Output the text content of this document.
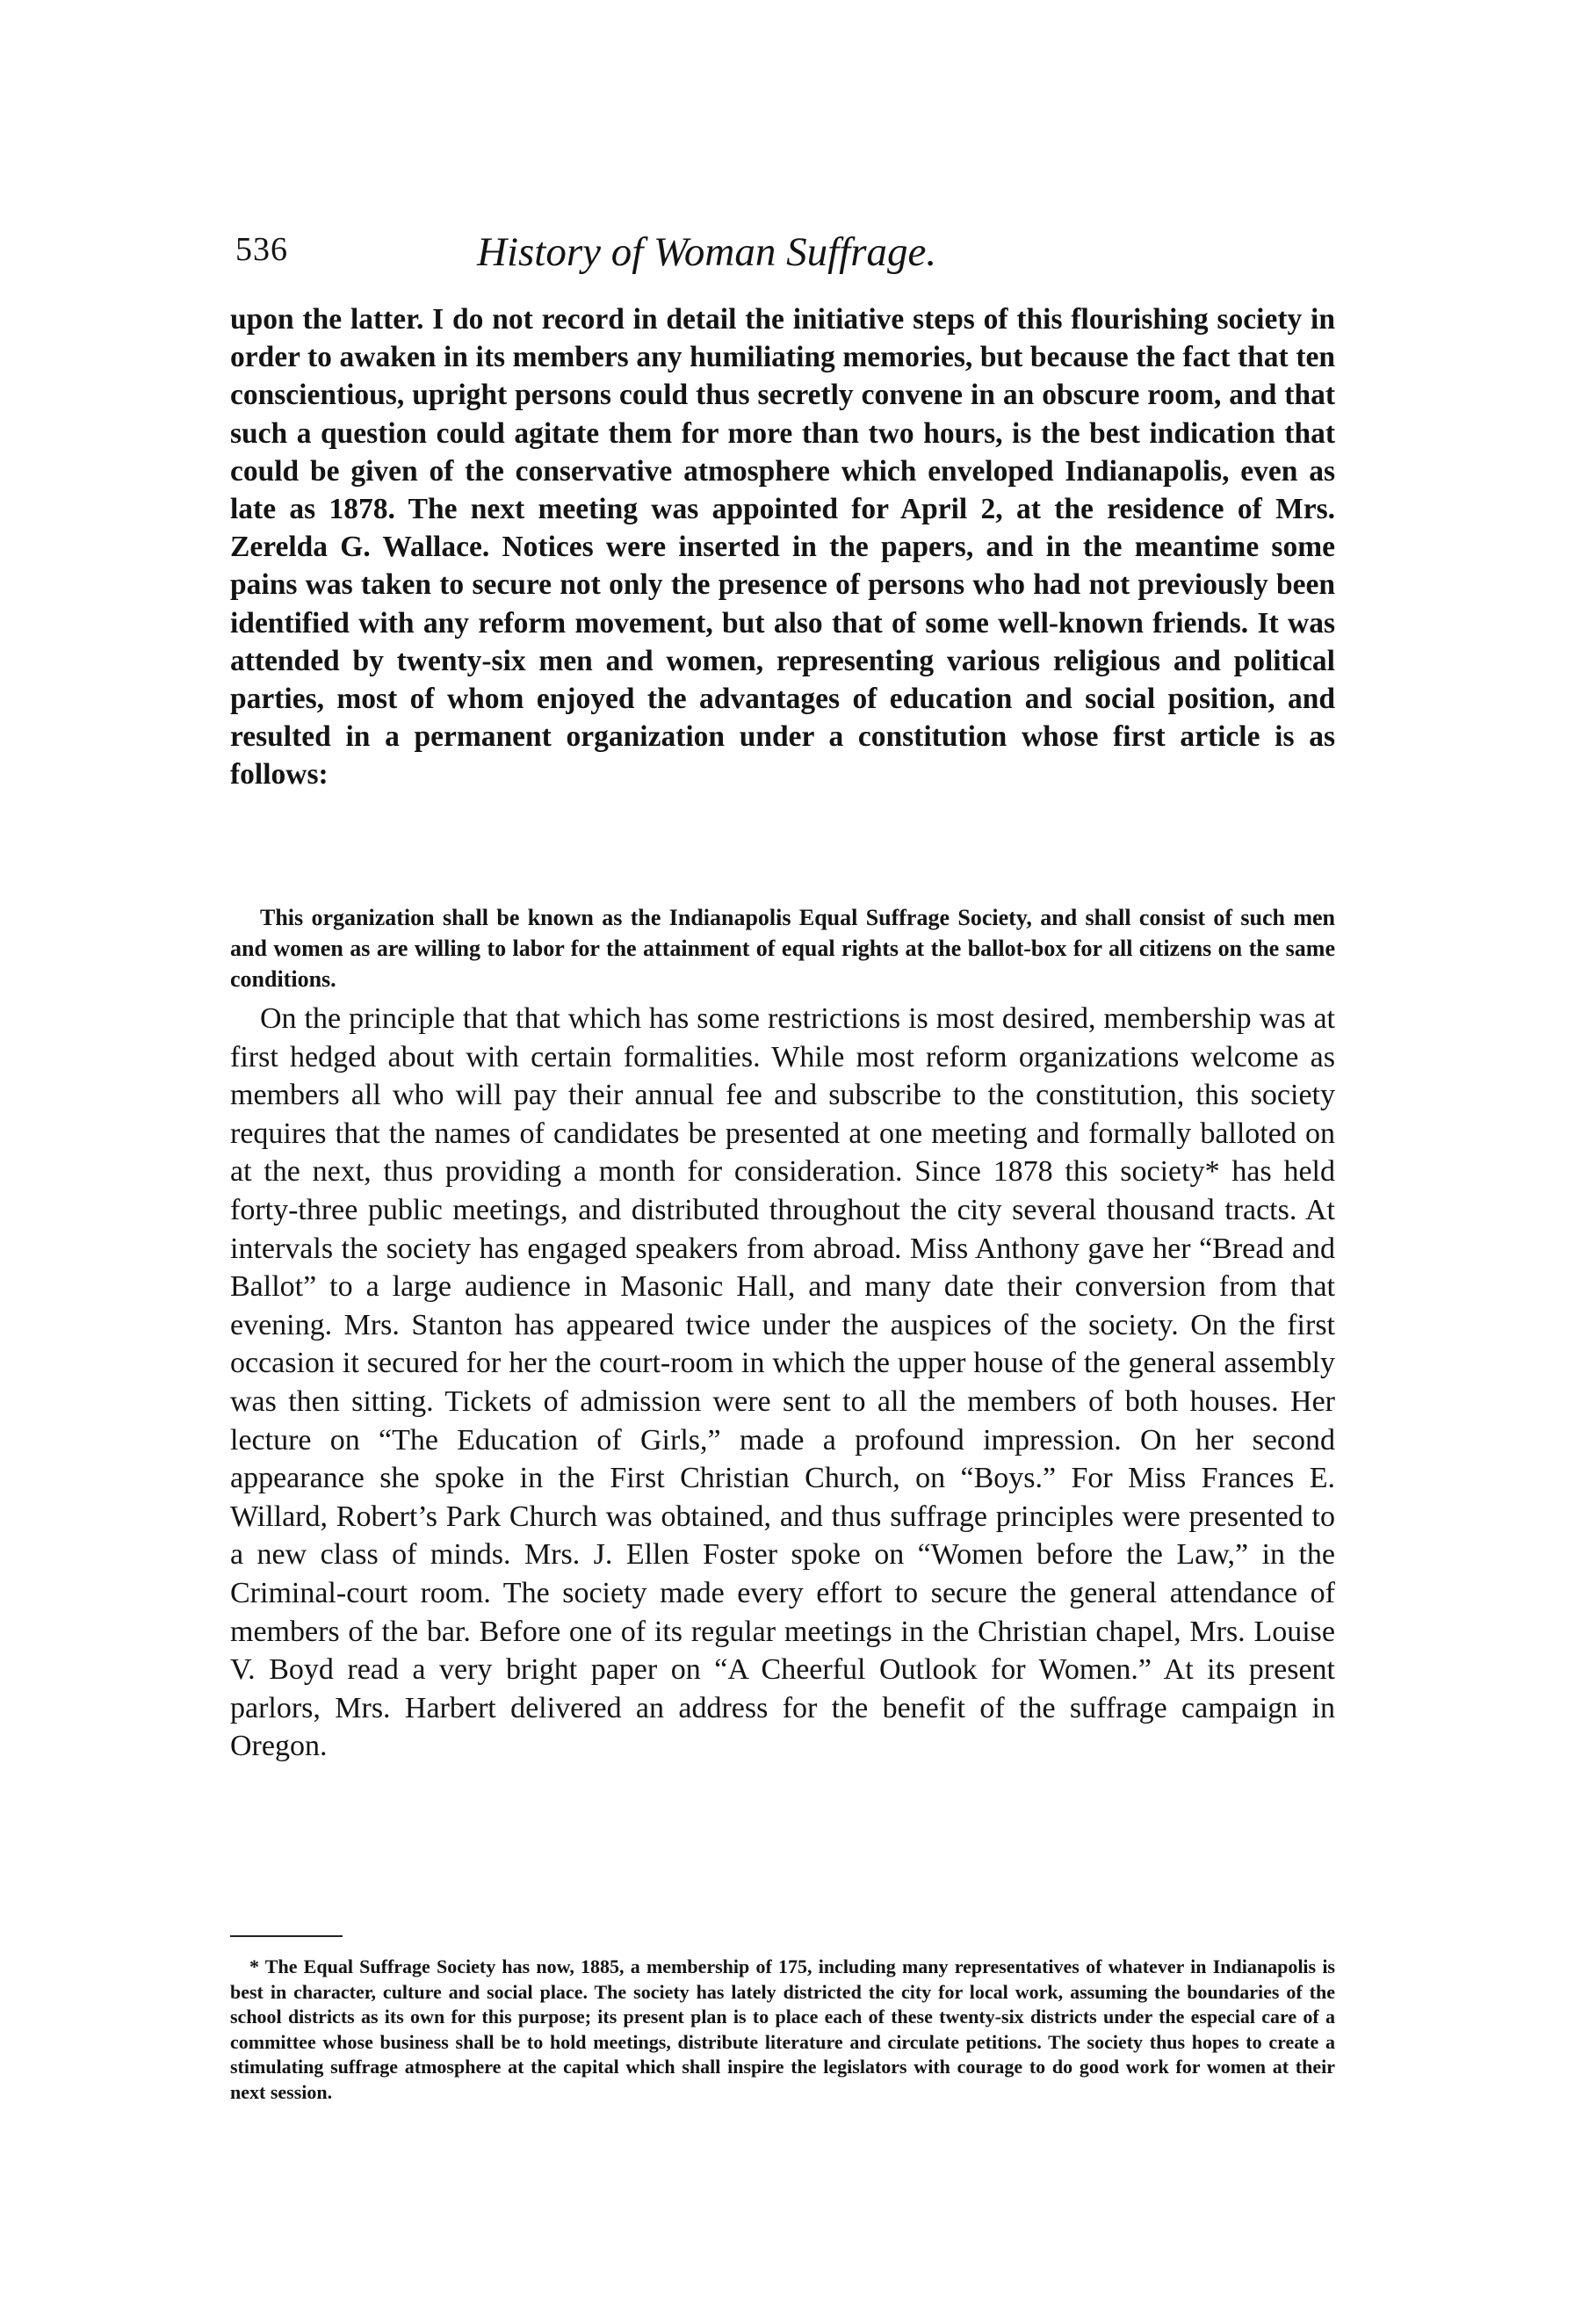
536	History of Woman Suffrage.

upon the latter. I do not record in detail the initiative steps of this flourishing society in order to awaken in its members any humiliating memories, but because the fact that ten conscientious, upright persons could thus secretly convene in an obscure room, and that such a question could agitate them for more than two hours, is the best indication that could be given of the conservative atmosphere which enveloped Indianapolis, even as late as 1878. The next meeting was appointed for April 2, at the residence of Mrs. Zerelda G. Wallace. Notices were inserted in the papers, and in the meantime some pains was taken to secure not only the presence of persons who had not previously been identified with any reform movement, but also that of some well-known friends. It was attended by twenty-six men and women, representing various religious and political parties, most of whom enjoyed the advantages of education and social position, and resulted in a permanent organization under a constitution whose first article is as follows:

This organization shall be known as the Indianapolis Equal Suffrage Society, and shall consist of such men and women as are willing to labor for the attainment of equal rights at the ballot-box for all citizens on the same conditions.

On the principle that that which has some restrictions is most desired, membership was at first hedged about with certain formalities. While most reform organizations welcome as members all who will pay their annual fee and subscribe to the constitution, this society requires that the names of candidates be presented at one meeting and formally balloted on at the next, thus providing a month for consideration. Since 1878 this society* has held forty-three public meetings, and distributed throughout the city several thousand tracts. At intervals the society has engaged speakers from abroad. Miss Anthony gave her “Bread and Ballot” to a large audience in Masonic Hall, and many date their conversion from that evening. Mrs. Stanton has appeared twice under the auspices of the society. On the first occasion it secured for her the court-room in which the upper house of the general assembly was then sitting. Tickets of admission were sent to all the members of both houses. Her lecture on “The Education of Girls,” made a profound impression. On her second appearance she spoke in the First Christian Church, on “Boys.” For Miss Frances E. Willard, Robert’s Park Church was obtained, and thus suffrage principles were presented to a new class of minds. Mrs. J. Ellen Foster spoke on “Women before the Law,” in the Criminal-court room. The society made every effort to secure the general attendance of members of the bar. Before one of its regular meetings in the Christian chapel, Mrs. Louise V. Boyd read a very bright paper on “A Cheerful Outlook for Women.” At its present parlors, Mrs. Harbert delivered an address for the benefit of the suffrage campaign in Oregon.

* The Equal Suffrage Society has now, 1885, a membership of 175, including many representatives of whatever in Indianapolis is best in character, culture and social place. The society has lately districted the city for local work, assuming the boundaries of the school districts as its own for this purpose; its present plan is to place each of these twenty-six districts under the especial care of a committee whose business shall be to hold meetings, distribute literature and circulate petitions. The society thus hopes to create a stimulating suffrage atmosphere at the capital which shall inspire the legislators with courage to do good work for women at their next session.
